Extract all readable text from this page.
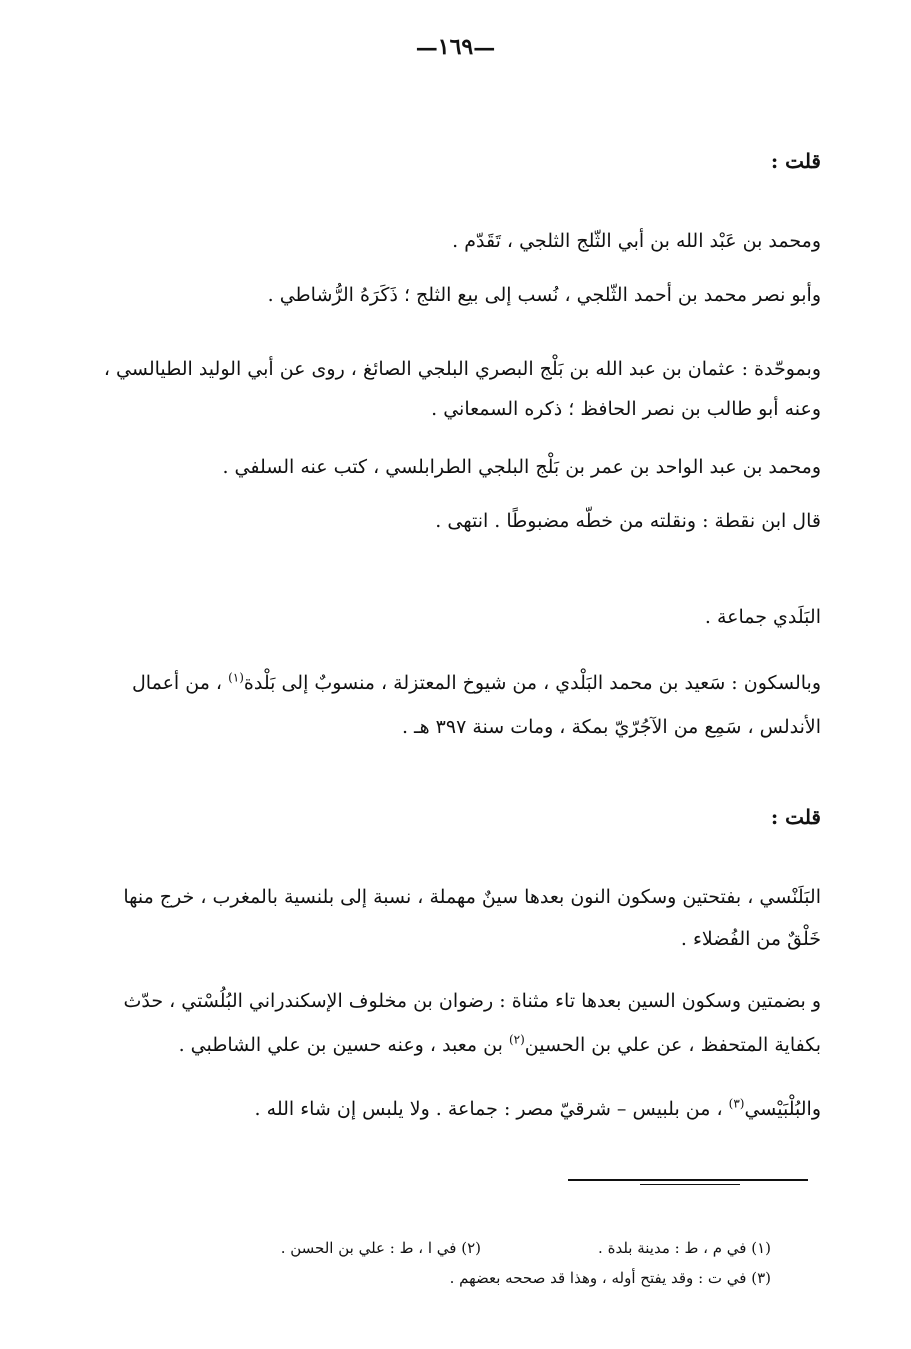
—١٦٩—
قلت :
ومحمد بن عَبْد الله بن أبي الثّلج الثلجي ، تَقَدّم .
وأبو نصر محمد بن أحمد الثّلجي ، نُسب إلى بيع الثلج ؛ ذَكَرَهُ الرُّشاطي .
وبموحّدة : عثمان بن عبد الله بن بَلْج البصري البلجي الصائغ ، روى عن أبي الوليد الطيالسي ،
وعنه أبو طالب بن نصر الحافظ ؛ ذكره السمعاني .
ومحمد بن عبد الواحد بن عمر بن بَلْج البلجي الطرابلسي ، كتب عنه السلفي .
قال ابن نقطة : ونقلته من خطّه مضبوطًا . انتهى .
البَلَدي جماعة .
وبالسكون : سَعيد بن محمد البَلْدي ، من شيوخ المعتزلة ، منسوبٌ إلى بَلْدة$^{(١)}$ ، من أعمال
الأندلس ، سَمِع من الآجُرّيّ بمكة ، ومات سنة ٣٩٧ هـ .
قلت :
البَلَنْسي ، بفتحتين وسكون النون بعدها سينٌ مهملة ، نسبة إلى بلنسية بالمغرب ، خرج منها
خَلْقٌ من الفُضلاء .
و بضمتين وسكون السين بعدها تاء مثناة : رضوان بن مخلوف الإسكندراني البُلُسْتي ، حدّث
بكفاية المتحفظ ، عن علي بن الحسين$^{(٢)}$ بن معبد ، وعنه حسين بن علي الشاطبي .
والبُلْبَيْسي$^{(٣)}$ ، من بلبيس – شرقيّ مصر : جماعة . ولا يلبس إن شاء الله .
(١) في م ، ط : مدينة بلدة .
(٢) في ا ، ط : علي بن الحسن .
(٣) في ت : وقد يفتح أوله ، وهذا قد صححه بعضهم .
